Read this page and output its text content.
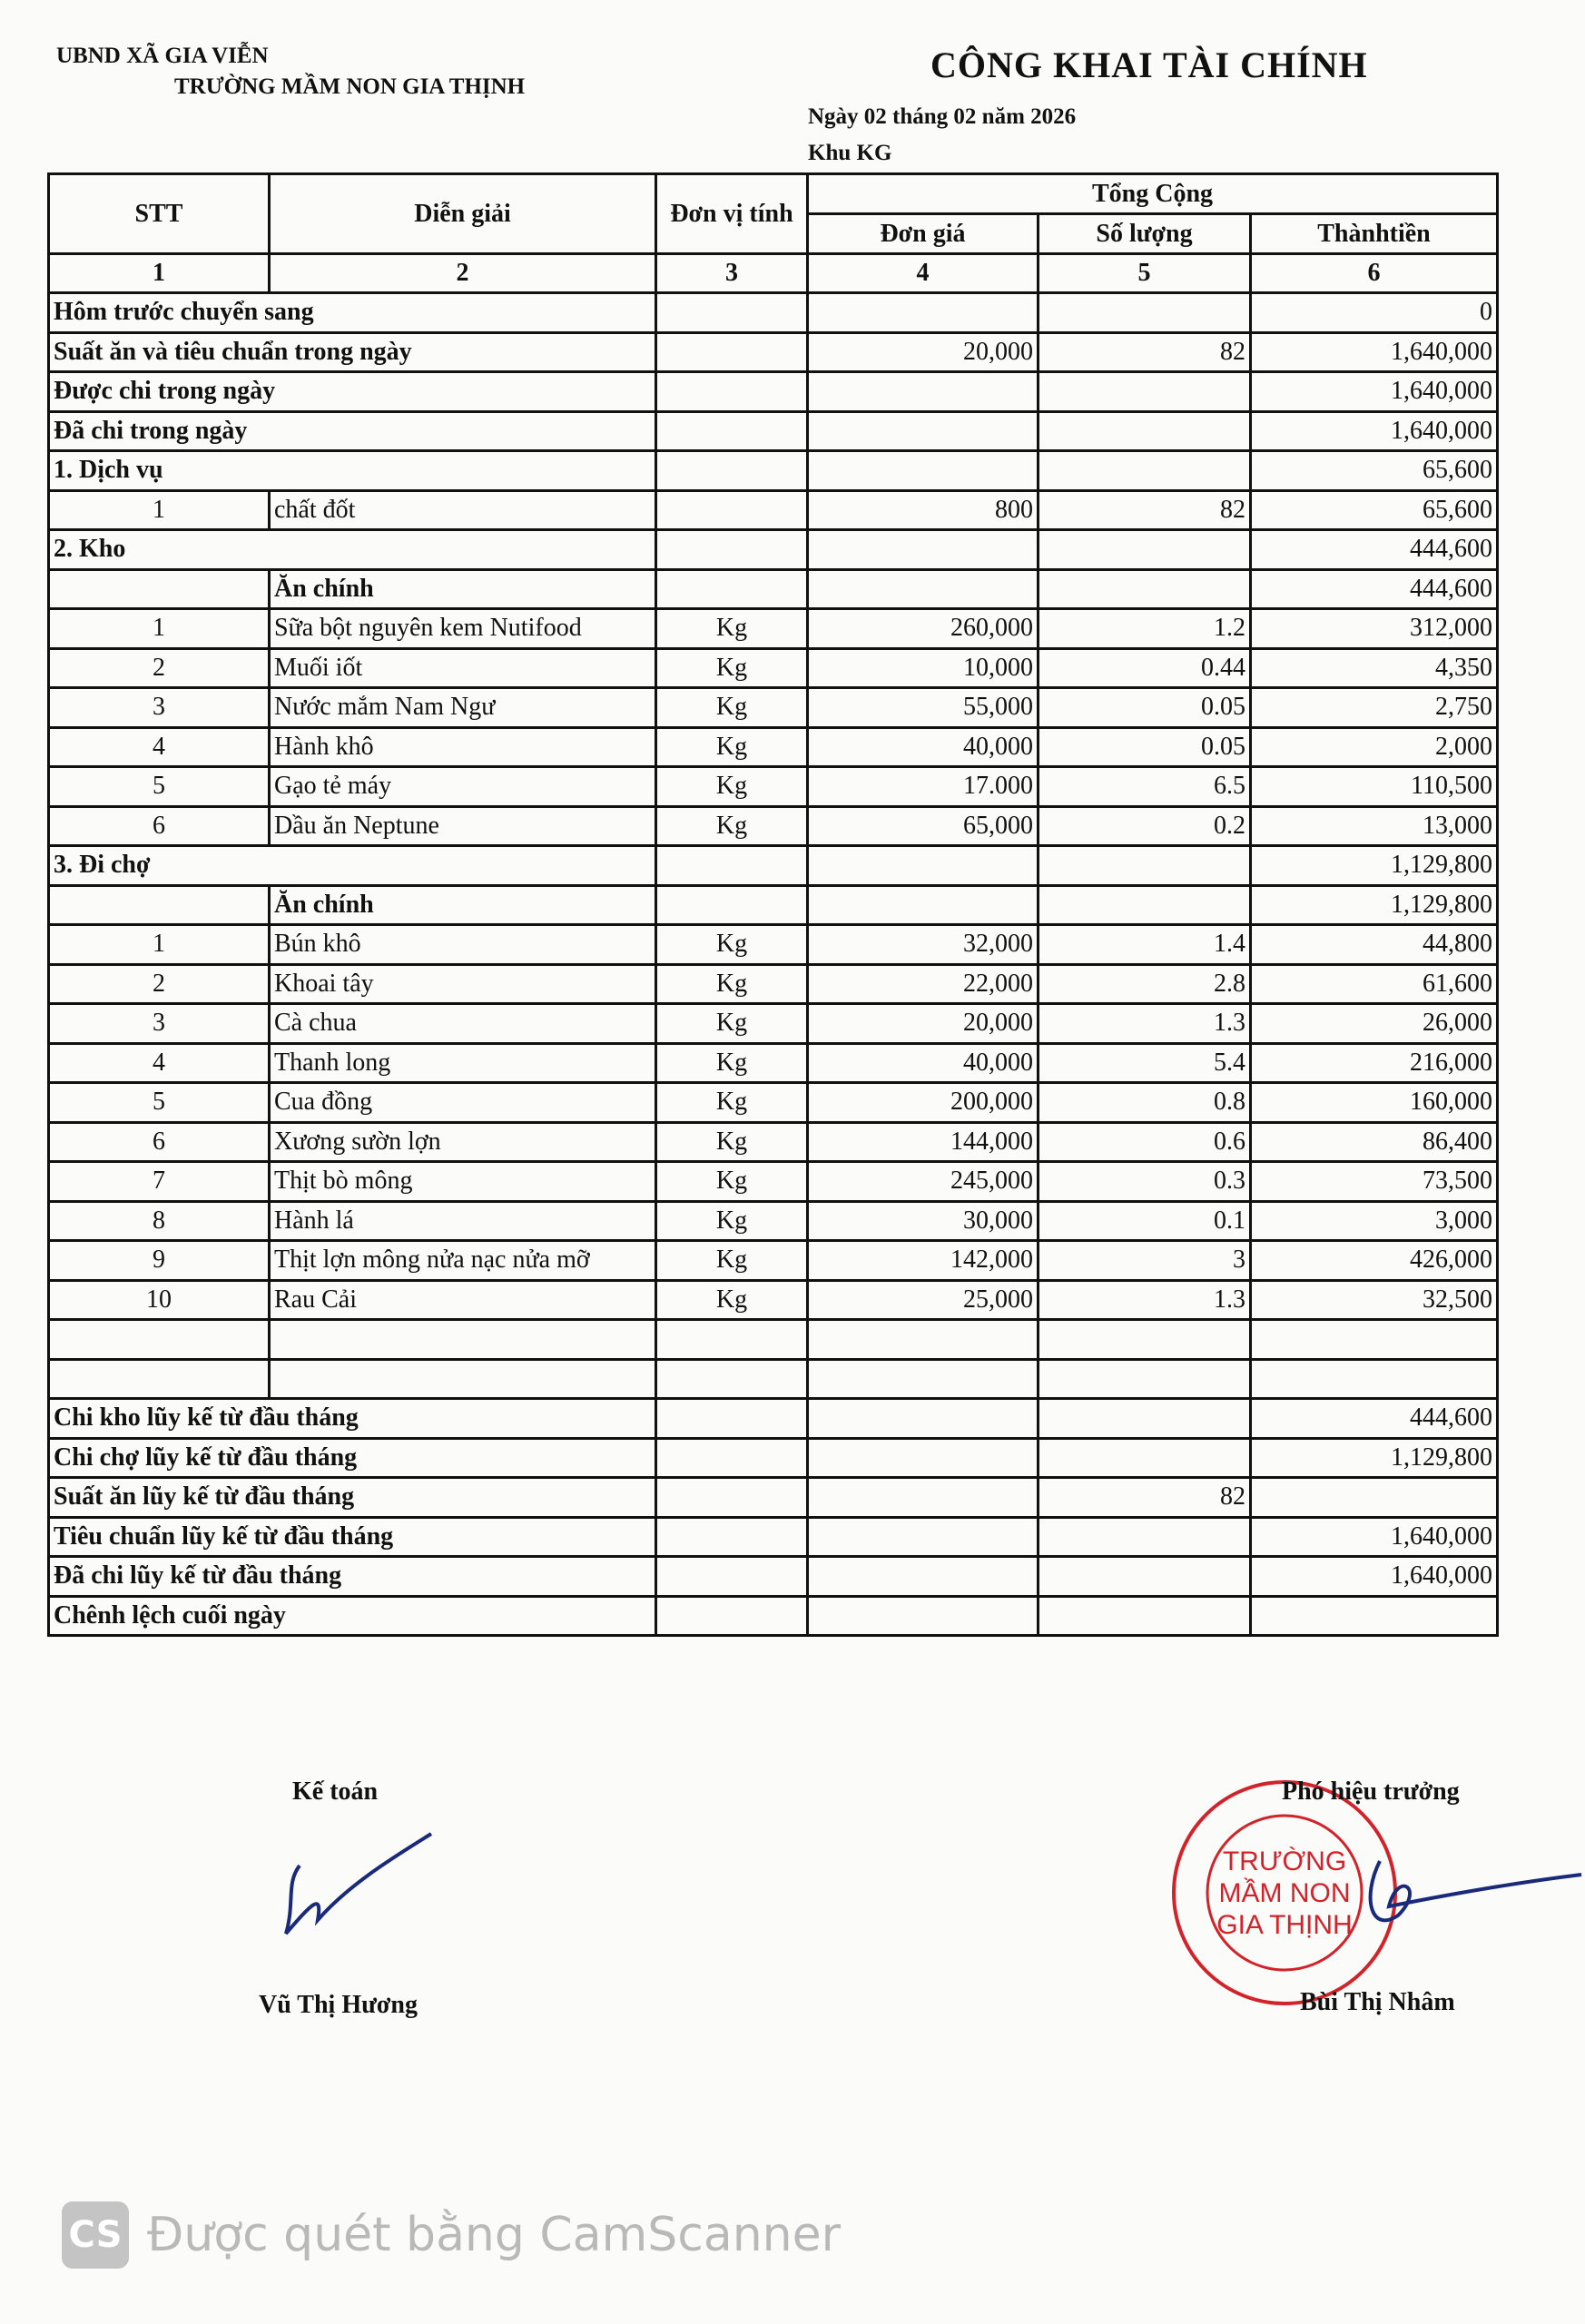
UBND XÃ GIA VIỄN
TRƯỜNG MẦM NON GIA THỊNH
CÔNG KHAI TÀI CHÍNH
Ngày 02 tháng 02 năm 2026
Khu KG
STT	Diễn giải	Đơn vị tính	Tổng Cộng		
			Đơn giá	Số lượng	Thànhtiền
1	2	3	4	5	6
Hôm trước chuyển sang					0
Suất ăn và tiêu chuẩn trong ngày			20,000	82	1,640,000
Được chi trong ngày					1,640,000
Đã chi trong ngày					1,640,000
1. Dịch vụ					65,600
1	chất đốt		800	82	65,600
2. Kho					444,600
	Ăn chính				444,600
1	Sữa bột nguyên kem Nutifood	Kg	260,000	1.2	312,000
2	Muối iốt	Kg	10,000	0.44	4,350
3	Nước mắm Nam Ngư	Kg	55,000	0.05	2,750
4	Hành khô	Kg	40,000	0.05	2,000
5	Gạo tẻ máy	Kg	17.000	6.5	110,500
6	Dầu ăn Neptune	Kg	65,000	0.2	13,000
3. Đi chợ					1,129,800
	Ăn chính				1,129,800
1	Bún khô	Kg	32,000	1.4	44,800
2	Khoai tây	Kg	22,000	2.8	61,600
3	Cà chua	Kg	20,000	1.3	26,000
4	Thanh long	Kg	40,000	5.4	216,000
5	Cua đồng	Kg	200,000	0.8	160,000
6	Xương sườn lợn	Kg	144,000	0.6	86,400
7	Thịt bò mông	Kg	245,000	0.3	73,500
8	Hành lá	Kg	30,000	0.1	3,000
9	Thịt lợn mông nửa nạc nửa mỡ	Kg	142,000	3	426,000
10	Rau Cải	Kg	25,000	1.3	32,500

Chi kho lũy kế từ đầu tháng					444,600
Chi chợ lũy kế từ đầu tháng					1,129,800
Suất ăn lũy kế từ đầu tháng				82	
Tiêu chuẩn lũy kế từ đầu tháng					1,640,000
Đã chi lũy kế từ đầu tháng					1,640,000
Chênh lệch cuối ngày					
Kế toán
Vũ Thị Hương
TRƯỜNG
MẦM NON
GIA THỊNH
Phó hiệu trưởng
Bùi Thị Nhâm
CS Được quét bằng CamScanner
